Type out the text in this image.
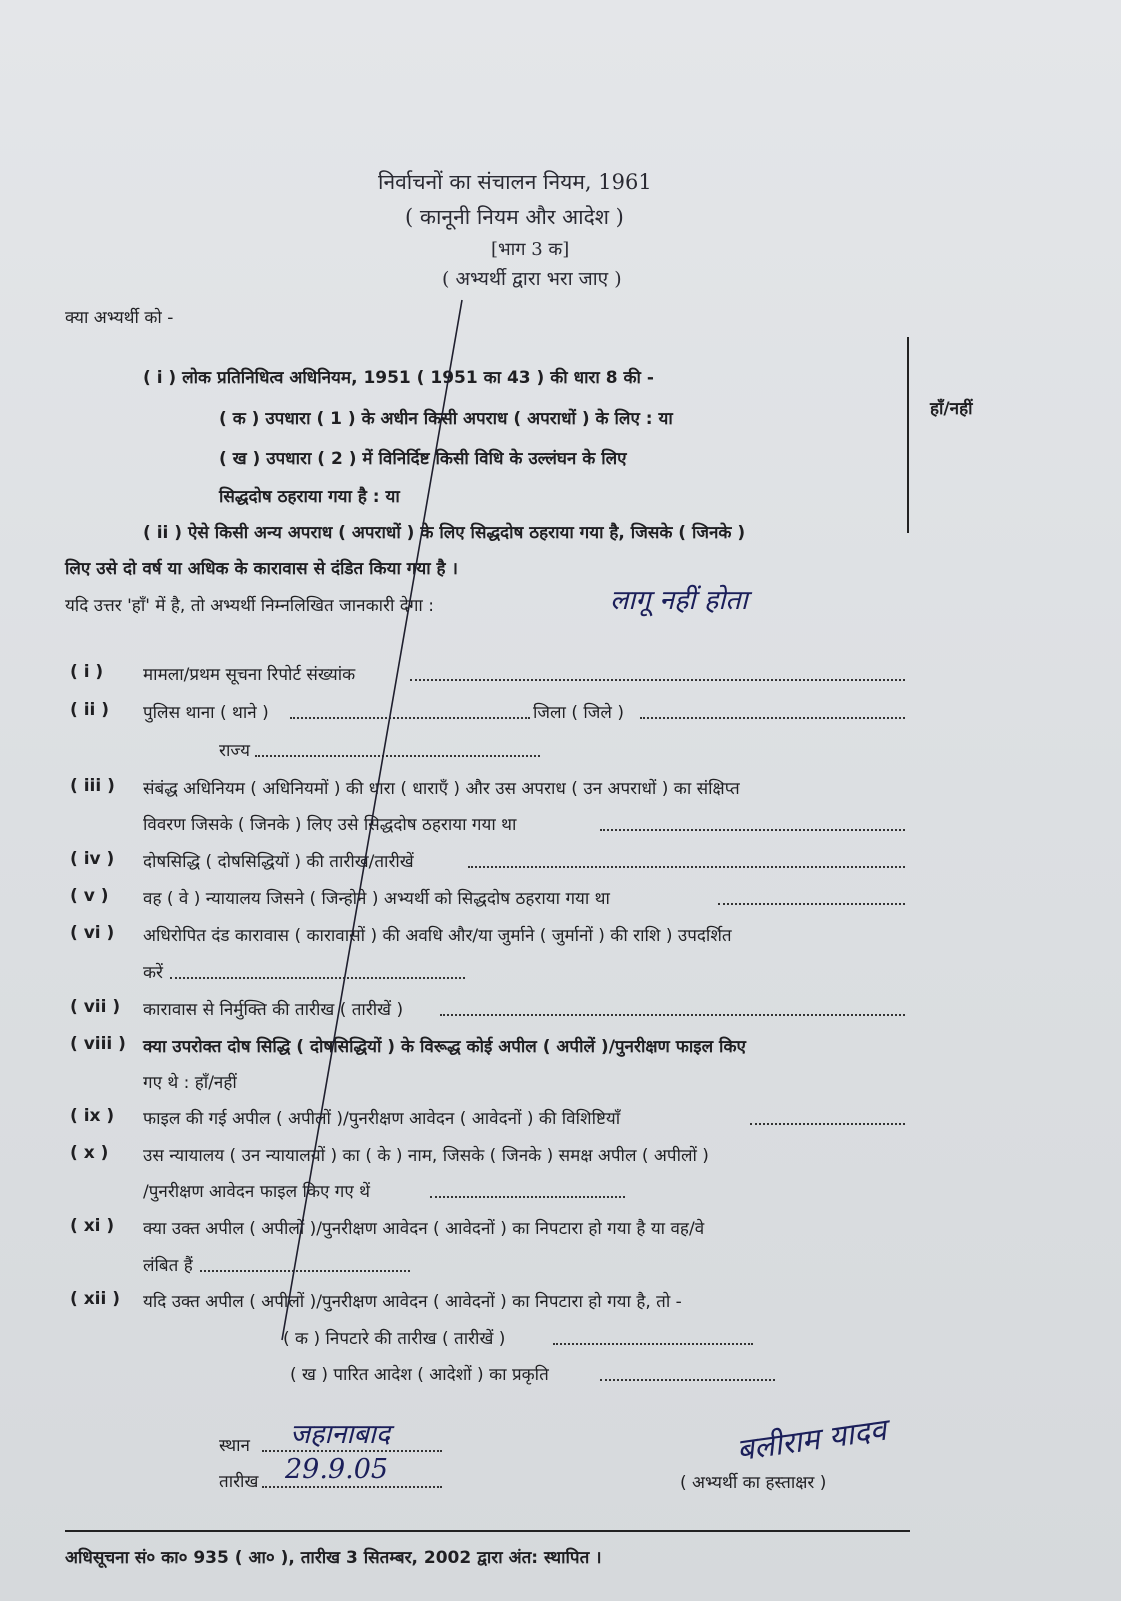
निर्वाचनों का संचालन नियम, 1961
( कानूनी नियम और आदेश )
[भाग 3 क]
( अभ्यर्थी द्वारा भरा जाए )
क्या अभ्यर्थी को -
हाँ/नहीं
( i ) लोक प्रतिनिधित्व अधिनियम, 1951 ( 1951 का 43 ) की धारा 8 की -
( क ) उपधारा ( 1 ) के अधीन किसी अपराध ( अपराधों ) के लिए : या
( ख ) उपधारा ( 2 ) में विनिर्दिष्ट किसी विधि के उल्लंघन के लिए
सिद्धदोष ठहराया गया है : या
( ii ) ऐसे किसी अन्य अपराध ( अपराधों ) के लिए सिद्धदोष ठहराया गया है, जिसके ( जिनके )
लिए उसे दो वर्ष या अधिक के कारावास से दंडित किया गया है ।
यदि उत्तर 'हाँ' में है, तो अभ्यर्थी निम्नलिखित जानकारी देगा :	लागू नहीं होता
( i ) मामला/प्रथम सूचना रिपोर्ट संख्यांक
( ii ) पुलिस थाना ( थाने )	जिला ( जिले )
राज्य
( iii ) संबंद्ध अधिनियम ( अधिनियमों ) की धारा ( धाराएँ ) और उस अपराध ( उन अपराधों ) का संक्षिप्त
विवरण जिसके ( जिनके ) लिए उसे सिद्धदोष ठहराया गया था
( iv ) दोषसिद्धि ( दोषसिद्धियों ) की तारीख/तारीखें
( v ) वह ( वे ) न्यायालय जिसने ( जिन्होने ) अभ्यर्थी को सिद्धदोष ठहराया गया था
( vi ) अधिरोपित दंड कारावास ( कारावासों ) की अवधि और/या जुर्माने ( जुर्मानों ) की राशि ) उपदर्शित
करें
( vii ) कारावास से निर्मुक्ति की तारीख ( तारीखें )
( viii ) क्या उपरोक्त दोष सिद्धि ( दोषसिद्धियों ) के विरूद्ध कोई अपील ( अपीलें )/पुनरीक्षण फाइल किए
गए थे : हाँ/नहीं
( ix ) फाइल की गई अपील ( अपीलों )/पुनरीक्षण आवेदन ( आवेदनों ) की विशिष्टियाँ
( x ) उस न्यायालय ( उन न्यायालयों ) का ( के ) नाम, जिसके ( जिनके ) समक्ष अपील ( अपीलों )
/पुनरीक्षण आवेदन फाइल किए गए थें
( xi ) क्या उक्त अपील ( अपीलों )/पुनरीक्षण आवेदन ( आवेदनों ) का निपटारा हो गया है या वह/वे
लंबित हैं
( xii ) यदि उक्त अपील ( अपीलों )/पुनरीक्षण आवेदन ( आवेदनों ) का निपटारा हो गया है, तो -
( क ) निपटारे की तारीख ( तारीखें )
( ख ) पारित आदेश ( आदेशों ) का प्रकृति
स्थान जहानाबाद
तारीख 29.9.05
बलीराम यादव
( अभ्यर्थी का हस्ताक्षर )
अधिसूचना सं० का० 935 ( आ० ), तारीख 3 सितम्बर, 2002 द्वारा अंत: स्थापित ।
